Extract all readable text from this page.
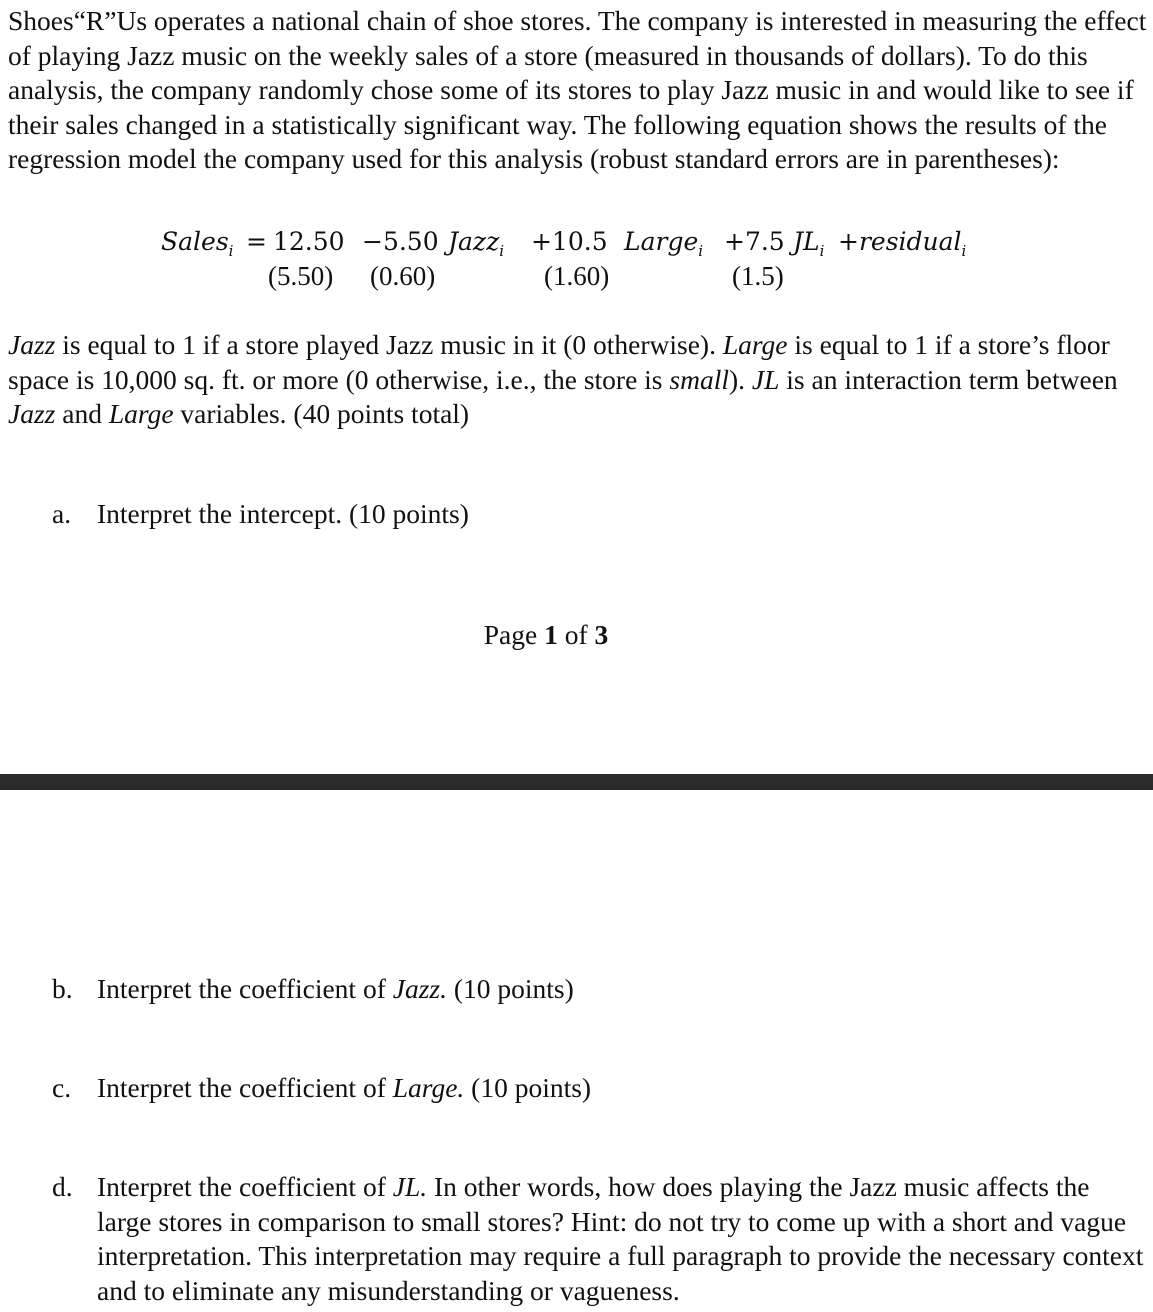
Shoes“R”Us operates a national chain of shoe stores. The company is interested in measuring the effect of playing Jazz music on the weekly sales of a store (measured in thousands of dollars). To do this analysis, the company randomly chose some of its stores to play Jazz music in and would like to see if their sales changed in a statistically significant way. The following equation shows the results of the regression model the company used for this analysis (robust standard errors are in parentheses):

Sales$_i$ = 12.50 −5.50 Jazz$_i$ +10.5 Large$_i$ +7.5 $JL_i$ +residual$_i$
(5.50) (0.60)	(1.60)	(1.5)

Jazz is equal to 1 if a store played Jazz music in it (0 otherwise). Large is equal to 1 if a store’s floor space is 10,000 sq. ft. or more (0 otherwise, i.e., the store is small). JL is an interaction term between Jazz and Large variables. (40 points total)

a. Interpret the intercept. (10 points)
Page 1 of 3
b. Interpret the coefficient of Jazz. (10 points)
c. Interpret the coefficient of Large. (10 points)
d. Interpret the coefficient of JL. In other words, how does playing the Jazz music affects the large stores in comparison to small stores? Hint: do not try to come up with a short and vague interpretation. This interpretation may require a full paragraph to provide the necessary context and to eliminate any misunderstanding or vagueness.
